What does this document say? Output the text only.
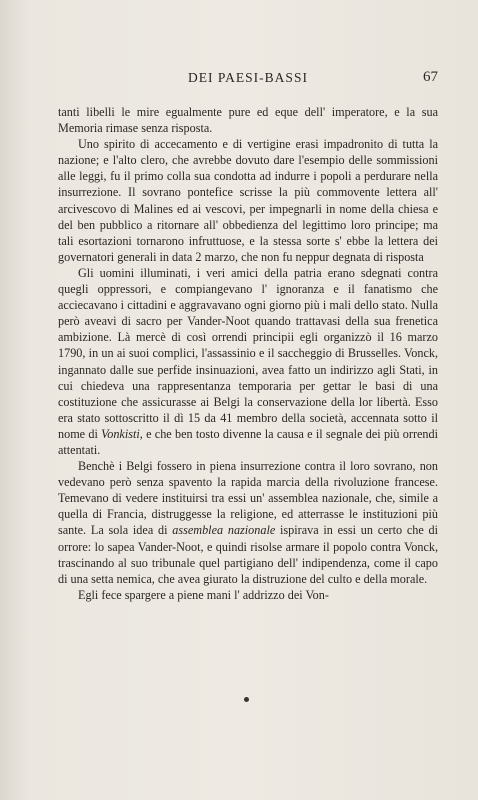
DEI PAESI-BASSI	67

tanti libelli le mire egualmente pure ed eque dell' imperatore, e la sua Memoria rimase senza risposta.

Uno spirito di accecamento e di vertigine erasi impadronito di tutta la nazione; e l'alto clero, che avrebbe dovuto dare l'esempio delle sommissioni alle leggi, fu il primo colla sua condotta ad indurre i popoli a perdurare nella insurrezione. Il sovrano pontefice scrisse la più commovente lettera all' arcivescovo di Malines ed ai vescovi, per impegnarli in nome della chiesa e del ben pubblico a ritornare all' obbedienza del legittimo loro principe; ma tali esortazioni tornarono infruttuose, e la stessa sorte s' ebbe la lettera dei governatori generali in data 2 marzo, che non fu neppur degnata di risposta

Gli uomini illuminati, i veri amici della patria erano sdegnati contra quegli oppressori, e compiangevano l' ignoranza e il fanatismo che acciecavano i cittadini e aggravavano ogni giorno più i mali dello stato. Nulla però aveavi di sacro per Vander-Noot quando trattavasi della sua frenetica ambizione. Là mercè di così orrendi principii egli organizzò il 16 marzo 1790, in un ai suoi complici, l'assassinio e il saccheggio di Brusselles. Vonck, ingannato dalle sue perfide insinuazioni, avea fatto un indirizzo agli Stati, in cui chiedeva una rappresentanza temporaria per gettar le basi di una costituzione che assicurasse ai Belgi la conservazione della lor libertà. Esso era stato sottoscritto il dì 15 da 41 membro della società, accennata sotto il nome di Vonkisti, e che ben tosto divenne la causa e il segnale dei più orrendi attentati.

Benchè i Belgi fossero in piena insurrezione contra il loro sovrano, non vedevano però senza spavento la rapida marcia della rivoluzione francese. Temevano di vedere instituirsi tra essi un' assemblea nazionale, che, simile a quella di Francia, distruggesse la religione, ed atterrasse le instituzioni più sante. La sola idea di assemblea nazionale ispirava in essi un certo che di orrore: lo sapea Vander-Noot, e quindi risolse armare il popolo contra Vonck, trascinando al suo tribunale quel partigiano dell' indipendenza, come il capo di una setta nemica, che avea giurato la distruzione del culto e della morale.

Egli fece spargere a piene mani l' addrizzo dei Von-
